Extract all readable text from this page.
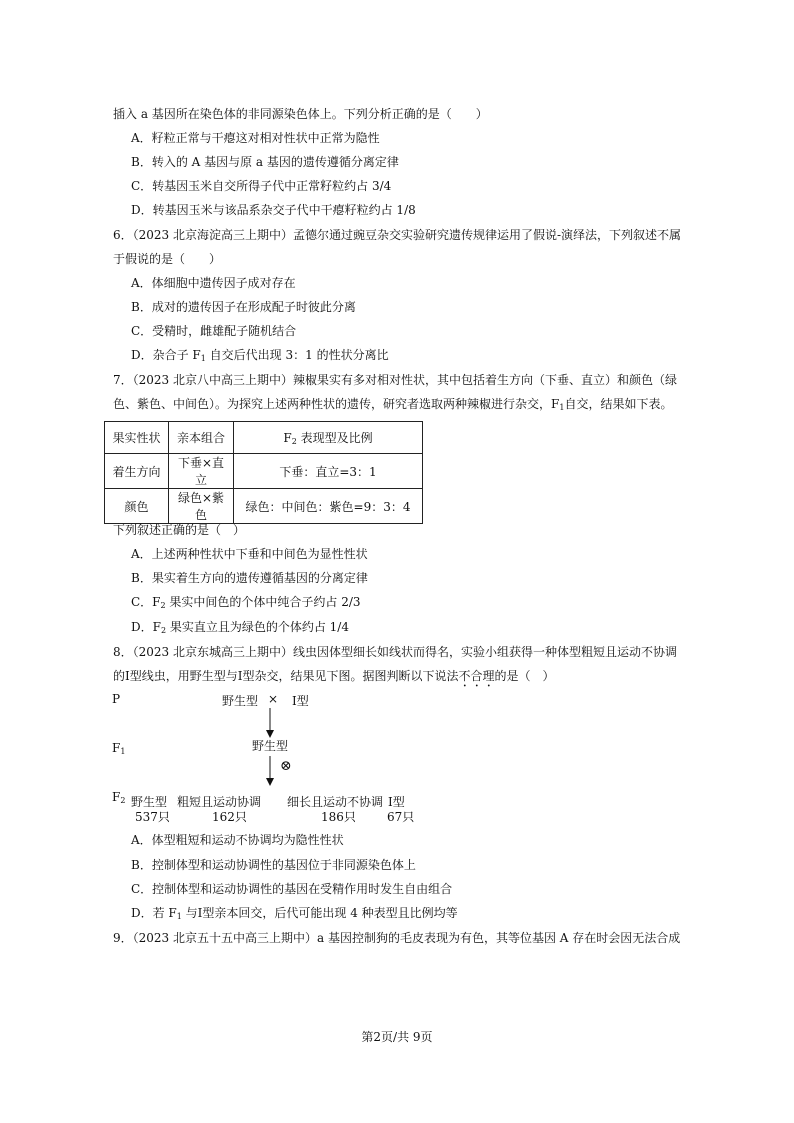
插入 a 基因所在染色体的非同源染色体上。下列分析正确的是（　　）
A．籽粒正常与干瘪这对相对性状中正常为隐性
B．转入的 A 基因与原 a 基因的遗传遵循分离定律
C．转基因玉米自交所得子代中正常籽粒约占 3/4
D．转基因玉米与该品系杂交子代中干瘪籽粒约占 1/8
6．（2023 北京海淀高三上期中）孟德尔通过豌豆杂交实验研究遗传规律运用了假说-演绎法，下列叙述不属
于假说的是（　　）
A．体细胞中遗传因子成对存在
B．成对的遗传因子在形成配子时彼此分离
C．受精时，雌雄配子随机结合
D．杂合子 $F_1$ 自交后代出现 3：1 的性状分离比
7．（2023 北京八中高三上期中）辣椒果实有多对相对性状，其中包括着生方向（下垂、直立）和颜色（绿
色、紫色、中间色）。为探究上述两种性状的遗传，研究者选取两种辣椒进行杂交，$F_1$自交，结果如下表。
果实性状	亲本组合	$F_2$ 表现型及比例
着生方向	下垂×直立	下垂：直立=3：1
颜色	绿色×紫色	绿色：中间色：紫色=9：3：4
下列叙述正确的是（　）
A．上述两种性状中下垂和中间色为显性性状
B．果实着生方向的遗传遵循基因的分离定律
C．$F_2$ 果实中间色的个体中纯合子约占 2/3
D．$F_2$ 果实直立且为绿色的个体约占 1/4
8．（2023 北京东城高三上期中）线虫因体型细长如线状而得名，实验小组获得一种体型粗短且运动不协调
的I型线虫，用野生型与I型杂交，结果见下图。据图判断以下说法不合理的是（　）
P	野生型 × I型
$F_1$	野生型
⊗
$F_2$ 野生型 粗短且运动协调 细长且运动不协调 I型
537只	162只	186只	67只
A．体型粗短和运动不协调均为隐性性状
B．控制体型和运动协调性的基因位于非同源染色体上
C．控制体型和运动协调性的基因在受精作用时发生自由组合
D．若 $F_1$ 与I型亲本回交，后代可能出现 4 种表型且比例均等
9．（2023 北京五十五中高三上期中）a 基因控制狗的毛皮表现为有色，其等位基因 A 存在时会因无法合成
第2页/共 9页
